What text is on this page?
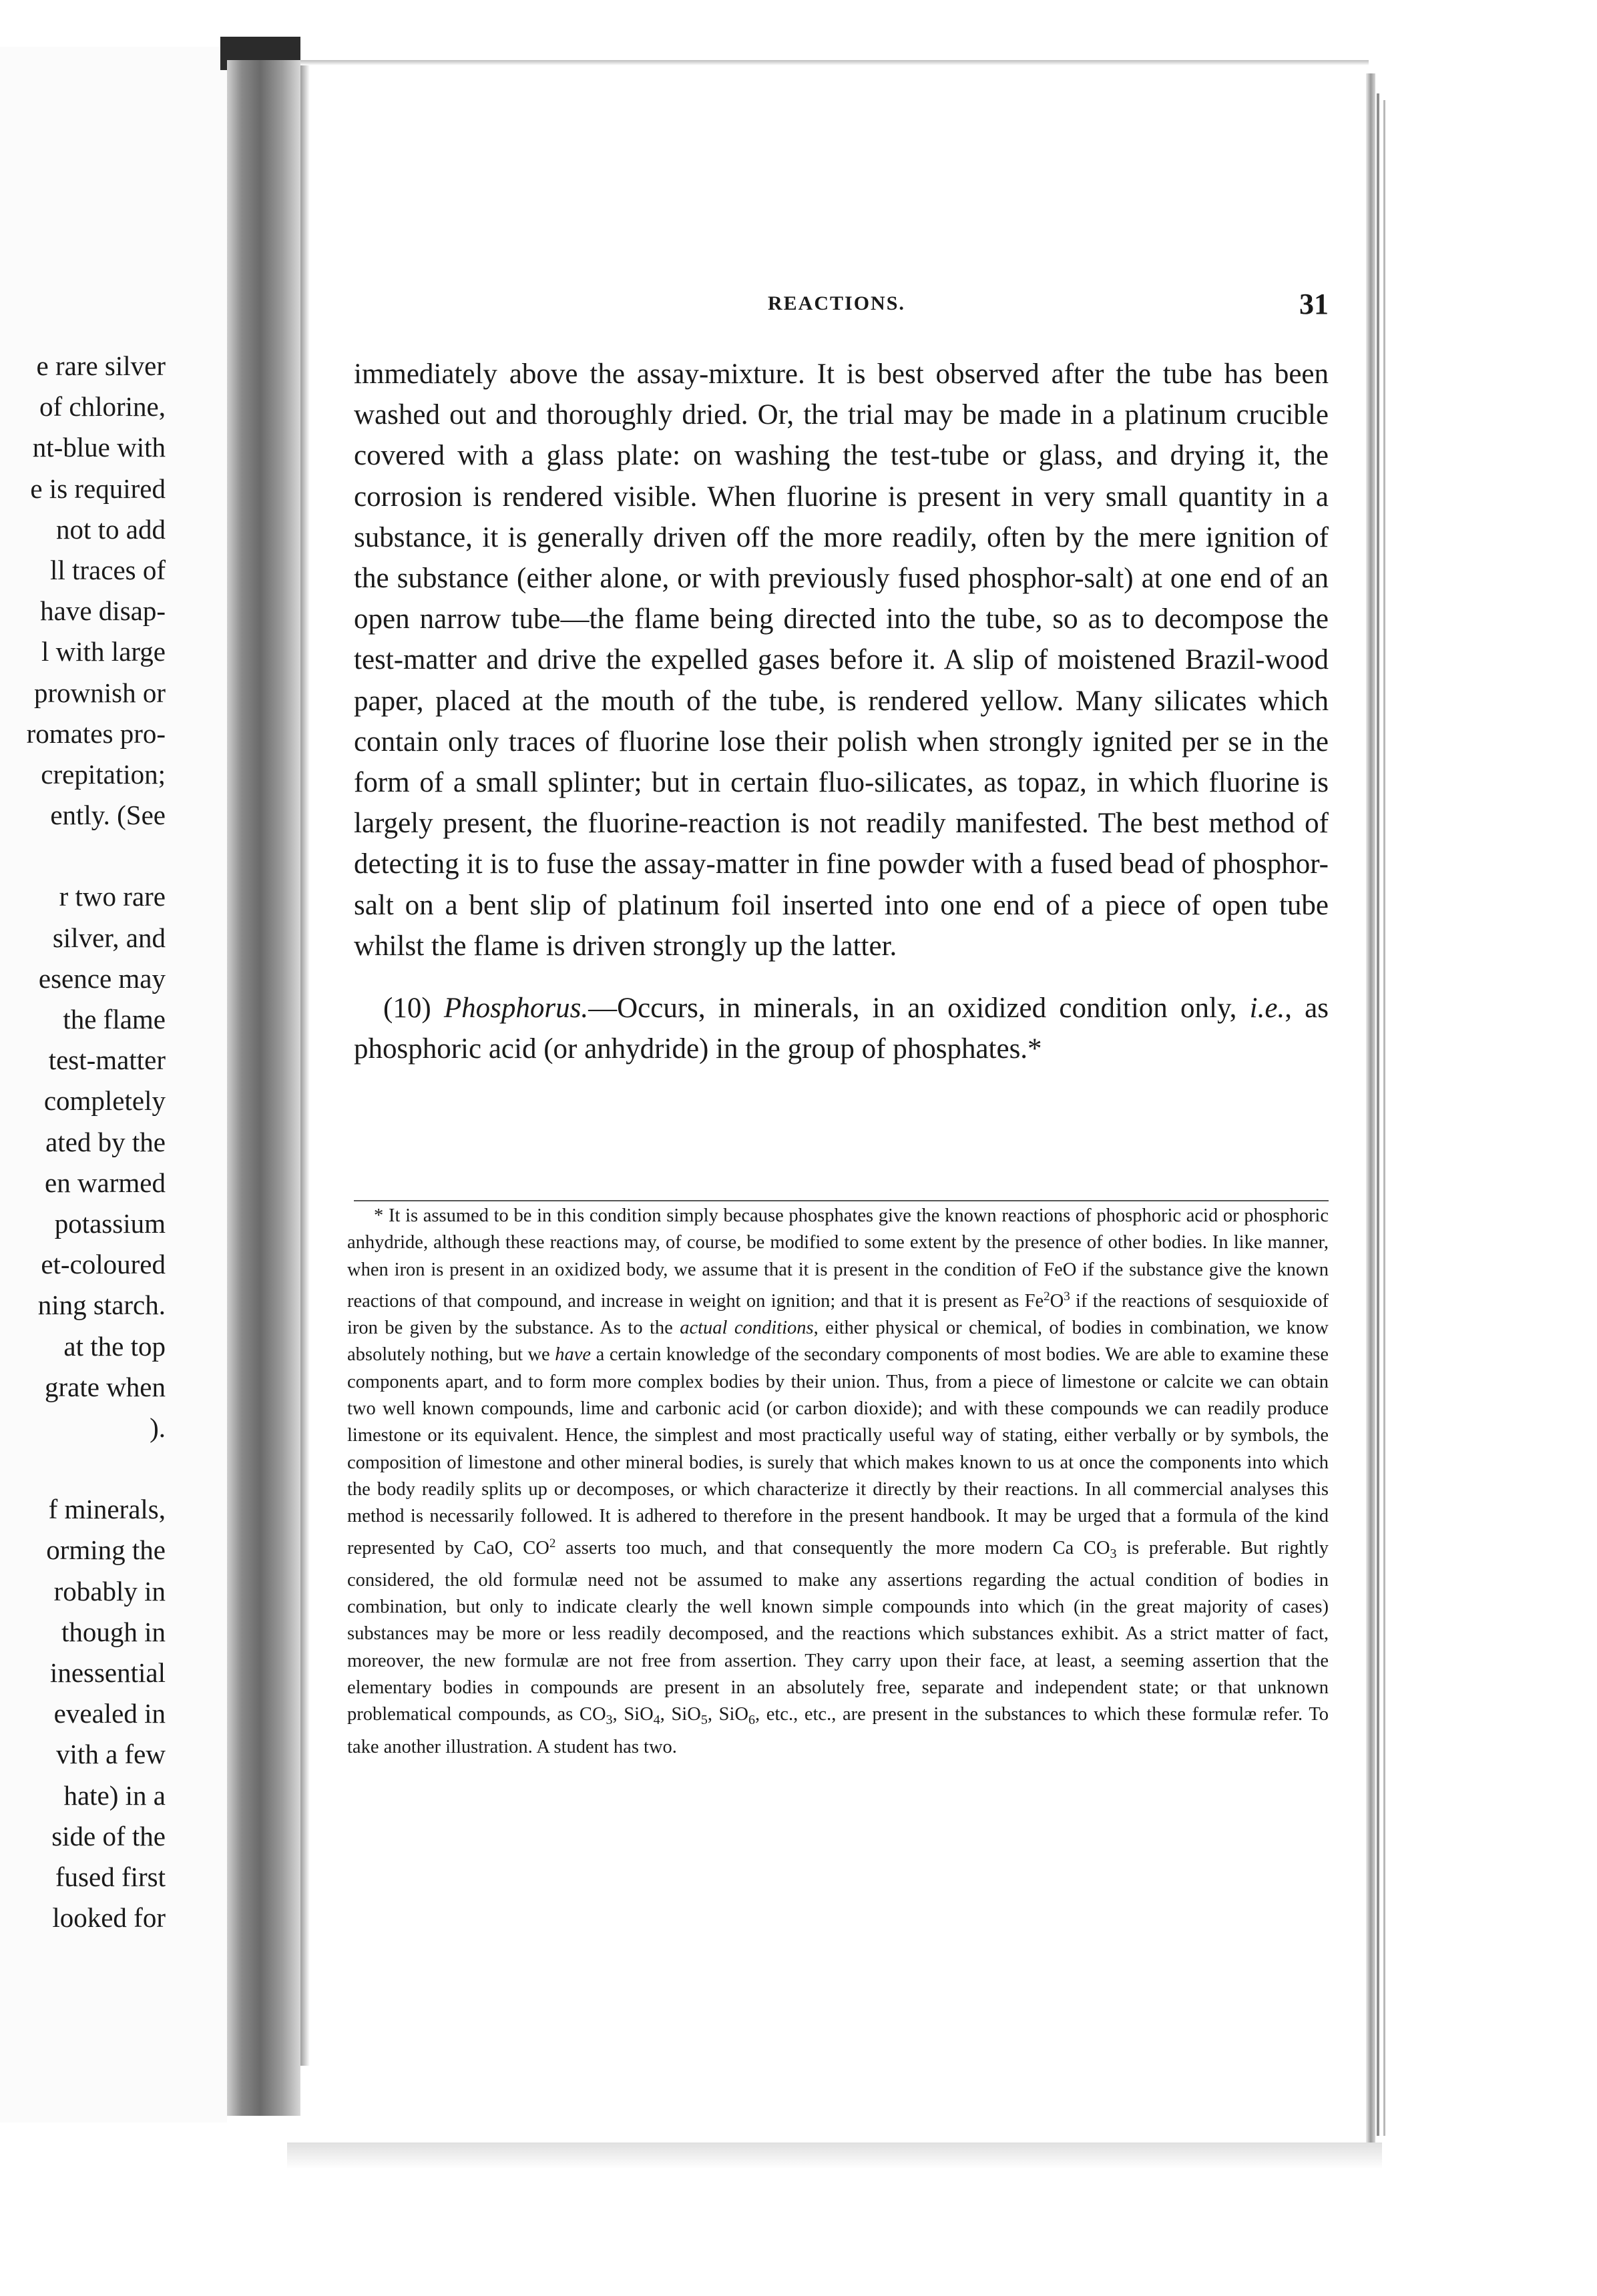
e rare silver
of chlorine,
nt-blue with
e is required
not to add
ll traces of
have disap-
l with large
prownish or
romates pro-
crepitation;
ently. (See
r two rare
silver, and
esence may
the flame
test-matter
completely
ated by the
en warmed
potassium
et-coloured
ning starch.
at the top
grate when
).
f minerals,
orming the
robably in
though in
inessential
evealed in
vith a few
hate) in a
side of the
fused first
looked for
REACTIONS.	31

immediately above the assay-mixture. It is best observed after the tube has been washed out and thoroughly dried. Or, the trial may be made in a platinum crucible covered with a glass plate: on washing the test-tube or glass, and drying it, the corrosion is rendered visible. When fluorine is present in very small quantity in a substance, it is generally driven off the more readily, often by the mere ignition of the substance (either alone, or with previously fused phosphor-salt) at one end of an open narrow tube—the flame being directed into the tube, so as to decompose the test-matter and drive the expelled gases before it. A slip of moistened Brazil-wood paper, placed at the mouth of the tube, is rendered yellow. Many silicates which contain only traces of fluorine lose their polish when strongly ignited per se in the form of a small splinter; but in certain fluo-silicates, as topaz, in which fluorine is largely present, the fluorine-reaction is not readily manifested. The best method of detecting it is to fuse the assay-matter in fine powder with a fused bead of phosphor-salt on a bent slip of platinum foil inserted into one end of a piece of open tube whilst the flame is driven strongly up the latter.

(10) Phosphorus.—Occurs, in minerals, in an oxidized condition only, i.e., as phosphoric acid (or anhydride) in the group of phosphates.*

* It is assumed to be in this condition simply because phosphates give the known reactions of phosphoric acid or phosphoric anhydride, although these reactions may, of course, be modified to some extent by the presence of other bodies. In like manner, when iron is present in an oxidized body, we assume that it is present in the condition of FeO if the substance give the known reactions of that compound, and increase in weight on ignition; and that it is present as $Fe^2O^3$ if the reactions of sesquioxide of iron be given by the substance. As to the actual conditions, either physical or chemical, of bodies in combination, we know absolutely nothing, but we have a certain knowledge of the secondary components of most bodies. We are able to examine these components apart, and to form more complex bodies by their union. Thus, from a piece of limestone or calcite we can obtain two well known compounds, lime and carbonic acid (or carbon dioxide); and with these compounds we can readily produce limestone or its equivalent. Hence, the simplest and most practically useful way of stating, either verbally or by symbols, the composition of limestone and other mineral bodies, is surely that which makes known to us at once the components into which the body readily splits up or decomposes, or which characterize it directly by their reactions. In all commercial analyses this method is necessarily followed. It is adhered to therefore in the present handbook. It may be urged that a formula of the kind represented by CaO, $CO^2$ asserts too much, and that consequently the more modern Ca $CO_3$ is preferable. But rightly considered, the old formulæ need not be assumed to make any assertions regarding the actual condition of bodies in combination, but only to indicate clearly the well known simple compounds into which (in the great majority of cases) substances may be more or less readily decomposed, and the reactions which substances exhibit. As a strict matter of fact, moreover, the new formulæ are not free from assertion. They carry upon their face, at least, a seeming assertion that the elementary bodies in compounds are present in an absolutely free, separate and independent state; or that unknown problematical compounds, as $CO_3$, SiO$_4$, SiO$_5$, SiO$_6$, etc., etc., are present in the substances to which these formulæ refer. To take another illustration. A student has two.
